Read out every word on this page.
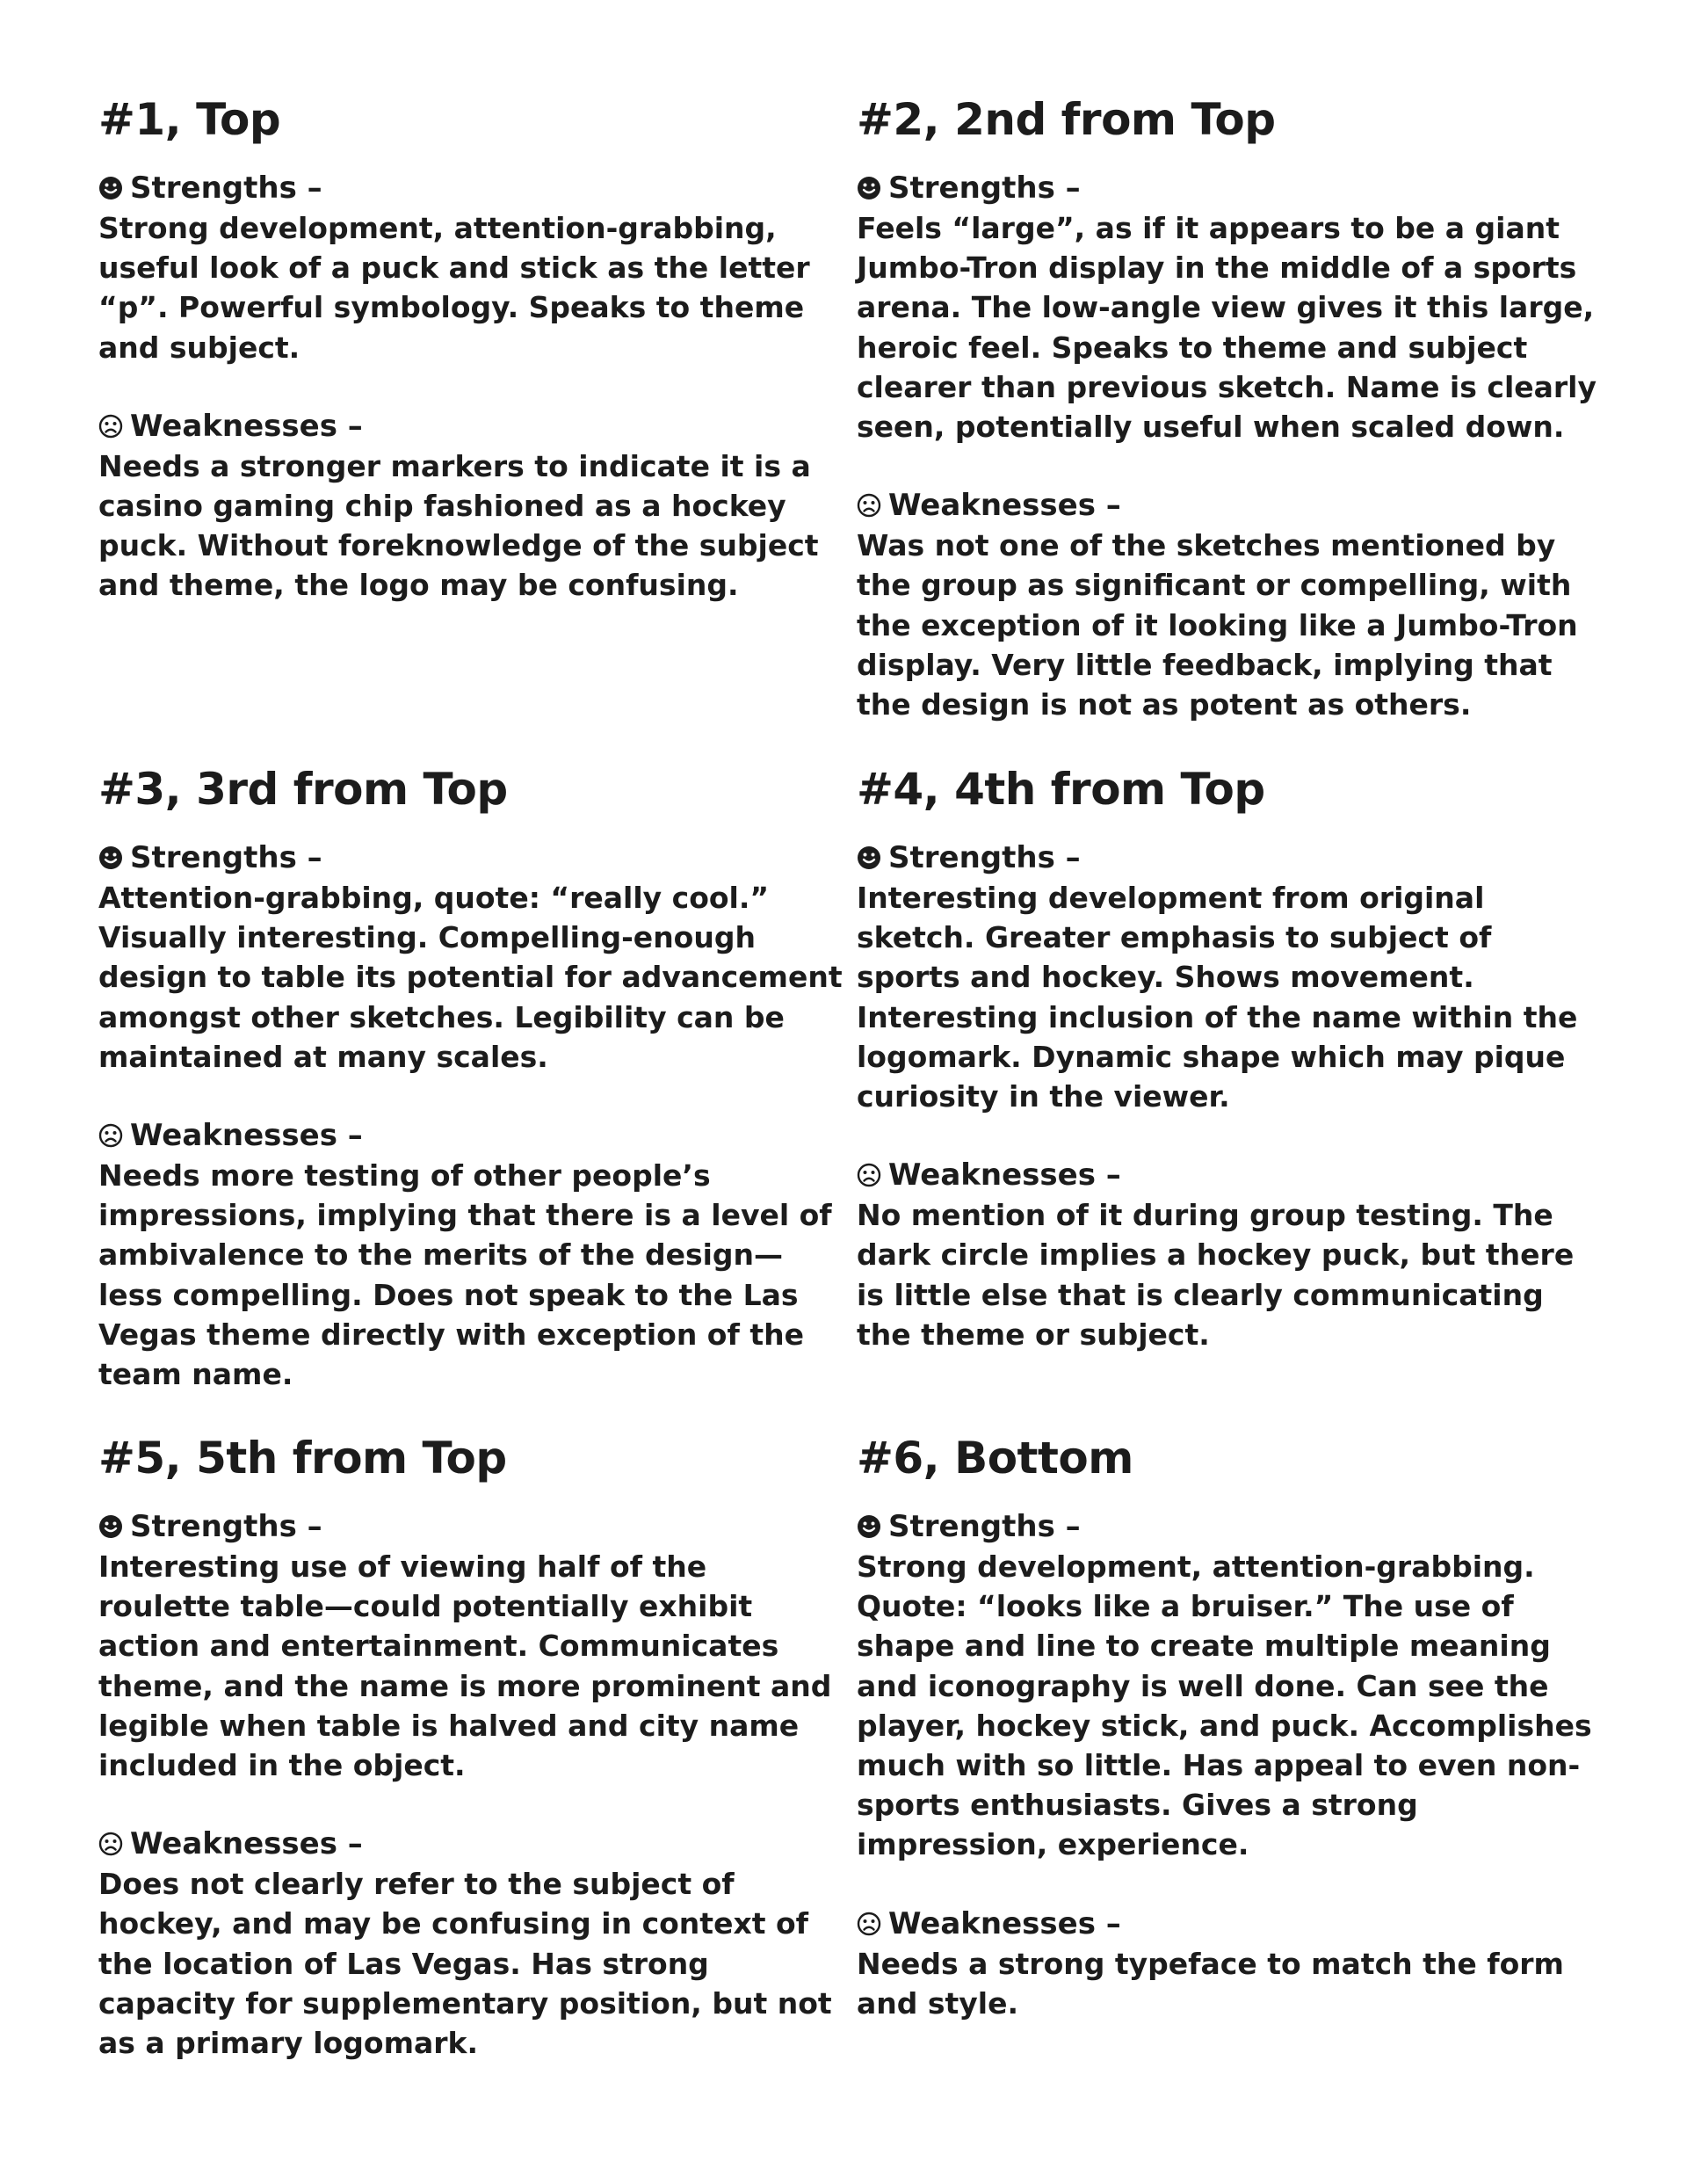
#1, Top
Strengths –

Strong development, attention-grabbing, useful look of a puck and stick as the letter “p”. Powerful symbology. Speaks to theme and subject.

Weaknesses –

Needs a stronger markers to indicate it is a casino gaming chip fashioned as a hockey puck. Without foreknowledge of the subject and theme, the logo may be confusing.

#2, 2nd from Top
Strengths –

Feels “large”, as if it appears to be a giant Jumbo-Tron display in the middle of a sports arena. The low-angle view gives it this large, heroic feel. Speaks to theme and subject clearer than previous sketch. Name is clearly seen, potentially useful when scaled down.

Weaknesses –

Was not one of the sketches mentioned by the group as significant or compelling, with the exception of it looking like a Jumbo-Tron display. Very little feedback, implying that the design is not as potent as others.

#3, 3rd from Top
Strengths –

Attention-grabbing, quote: “really cool.” Visually interesting. Compelling-enough design to table its potential for advancement amongst other sketches. Legibility can be maintained at many scales.

Weaknesses –

Needs more testing of other people’s impressions, implying that there is a level of ambivalence to the merits of the design—less compelling. Does not speak to the Las Vegas theme directly with exception of the team name.

#4, 4th from Top
Strengths –

Interesting development from original sketch. Greater emphasis to subject of sports and hockey. Shows movement. Interesting inclusion of the name within the logomark. Dynamic shape which may pique curiosity in the viewer.

Weaknesses –

No mention of it during group testing. The dark circle implies a hockey puck, but there is little else that is clearly communicating the theme or subject.

#5, 5th from Top
Strengths –

Interesting use of viewing half of the roulette table—could potentially exhibit action and entertainment. Communicates theme, and the name is more prominent and legible when table is halved and city name included in the object.

Weaknesses –

Does not clearly refer to the subject of hockey, and may be confusing in context of the location of Las Vegas. Has strong capacity for supplementary position, but not as a primary logomark.

#6, Bottom
Strengths –

Strong development, attention-grabbing. Quote: “looks like a bruiser.” The use of shape and line to create multiple meaning and iconography is well done. Can see the player, hockey stick, and puck. Accomplishes much with so little. Has appeal to even non-sports enthusiasts. Gives a strong impression, experience.

Weaknesses –

Needs a strong typeface to match the form and style.
